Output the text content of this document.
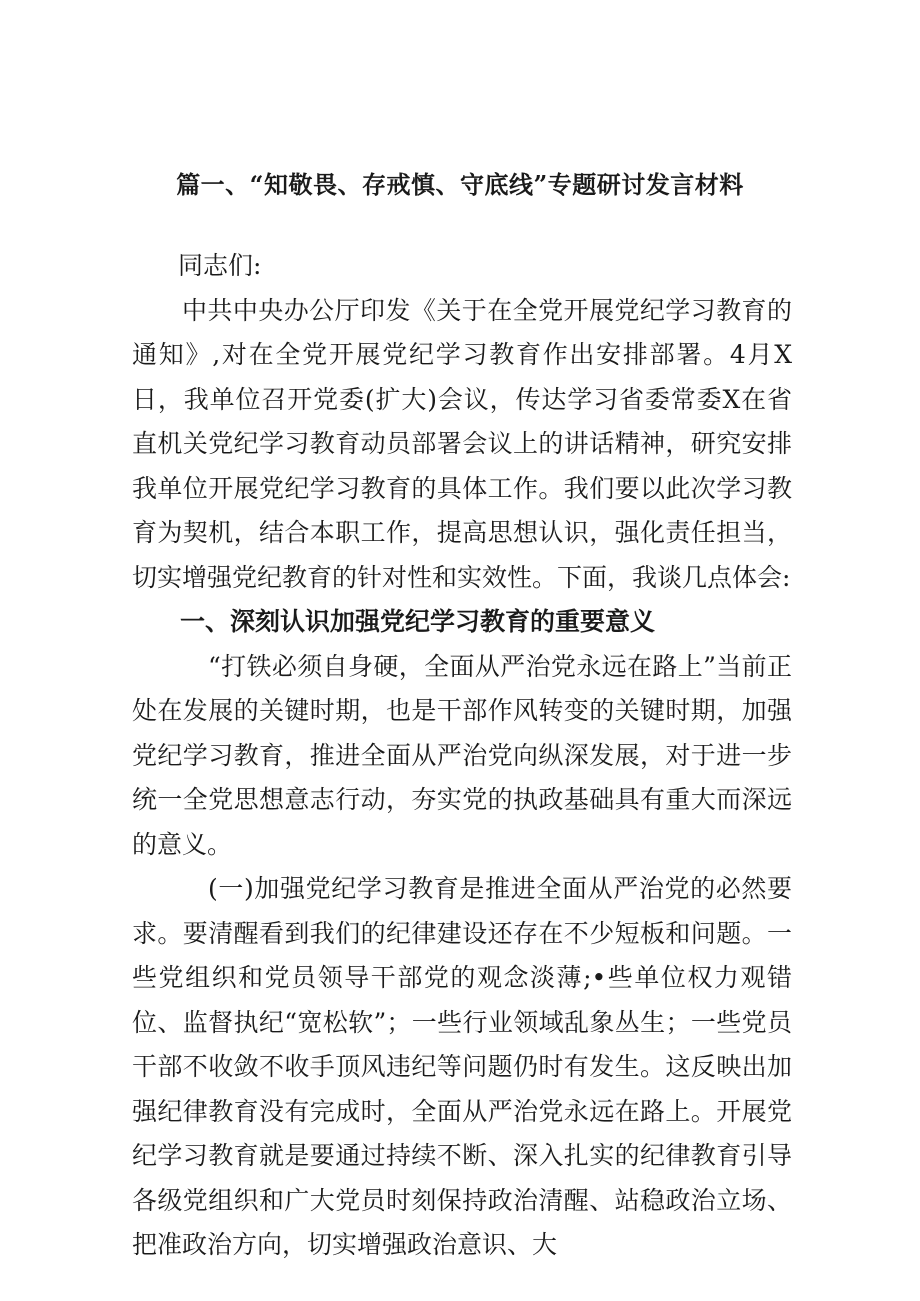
篇一、“知敬畏、存戒慎、守底线”专题研讨发言材料

同志们:

中共中央办公厅印发《关于在全党开展党纪学习教育的通知》,对在全党开展党纪学习教育作出安排部署。4月X日，我单位召开党委(扩大)会议，传达学习省委常委X在省直机关党纪学习教育动员部署会议上的讲话精神，研究安排我单位开展党纪学习教育的具体工作。我们要以此次学习教育为契机，结合本职工作，提高思想认识，强化责任担当，切实增强党纪教育的针对性和实效性。下面，我谈几点体会:

一、深刻认识加强党纪学习教育的重要意义

“打铁必须自身硬，全面从严治党永远在路上”当前正处在发展的关键时期，也是干部作风转变的关键时期，加强党纪学习教育，推进全面从严治党向纵深发展，对于进一步统一全党思想意志行动，夯实党的执政基础具有重大而深远的意义。

(一)加强党纪学习教育是推进全面从严治党的必然要求。要清醒看到我们的纪律建设还存在不少短板和问题。一些党组织和党员领导干部党的观念淡薄;•些单位权力观错位、监督执纪“宽松软”；一些行业领域乱象丛生；一些党员干部不收敛不收手顶风违纪等问题仍时有发生。这反映出加强纪律教育没有完成时，全面从严治党永远在路上。开展党纪学习教育就是要通过持续不断、深入扎实的纪律教育引导各级党组织和广大党员时刻保持政治清醒、站稳政治立场、把准政治方向，切实增强政治意识、大
